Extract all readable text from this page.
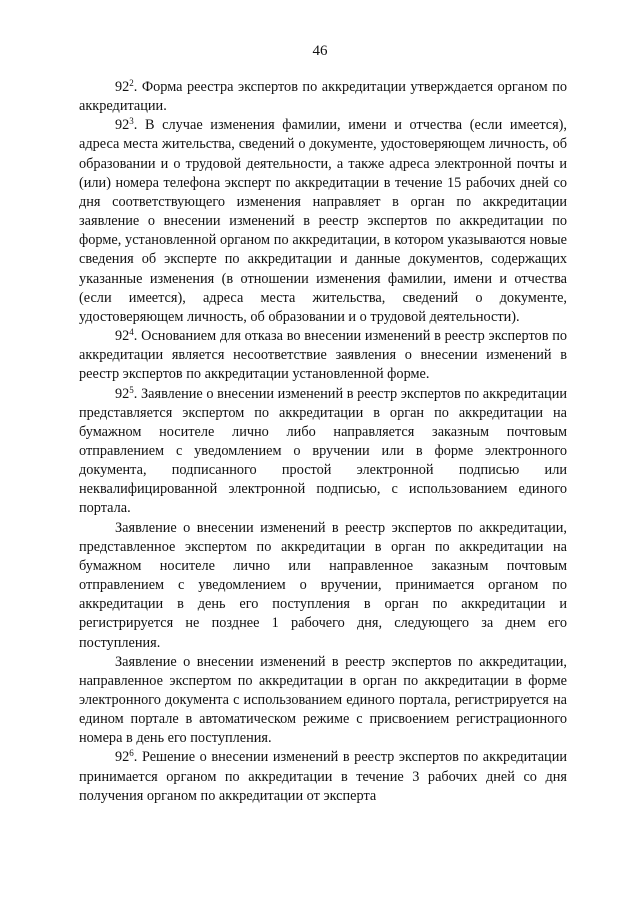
46

$92^2$. Форма реестра экспертов по аккредитации утверждается органом по аккредитации.

$92^3$. В случае изменения фамилии, имени и отчества (если имеется), адреса места жительства, сведений о документе, удостоверяющем личность, об образовании и о трудовой деятельности, а также адреса электронной почты и (или) номера телефона эксперт по аккредитации в течение 15 рабочих дней со дня соответствующего изменения направляет в орган по аккредитации заявление о внесении изменений в реестр экспертов по аккредитации по форме, установленной органом по аккредитации, в котором указываются новые сведения об эксперте по аккредитации и данные документов, содержащих указанные изменения (в отношении изменения фамилии, имени и отчества (если имеется), адреса места жительства, сведений о документе, удостоверяющем личность, об образовании и о трудовой деятельности).

$92^4$. Основанием для отказа во внесении изменений в реестр экспертов по аккредитации является несоответствие заявления о внесении изменений в реестр экспертов по аккредитации установленной форме.

$92^5$. Заявление о внесении изменений в реестр экспертов по аккредитации представляется экспертом по аккредитации в орган по аккредитации на бумажном носителе лично либо направляется заказным почтовым отправлением с уведомлением о вручении или в форме электронного документа, подписанного простой электронной подписью или неквалифицированной электронной подписью, с использованием единого портала.

Заявление о внесении изменений в реестр экспертов по аккредитации, представленное экспертом по аккредитации в орган по аккредитации на бумажном носителе лично или направленное заказным почтовым отправлением с уведомлением о вручении, принимается органом по аккредитации в день его поступления в орган по аккредитации и регистрируется не позднее 1 рабочего дня, следующего за днем его поступления.

Заявление о внесении изменений в реестр экспертов по аккредитации, направленное экспертом по аккредитации в орган по аккредитации в форме электронного документа с использованием единого портала, регистрируется на едином портале в автоматическом режиме с присвоением регистрационного номера в день его поступления.

$92^6$. Решение о внесении изменений в реестр экспертов по аккредитации принимается органом по аккредитации в течение 3 рабочих дней со дня получения органом по аккредитации от эксперта
